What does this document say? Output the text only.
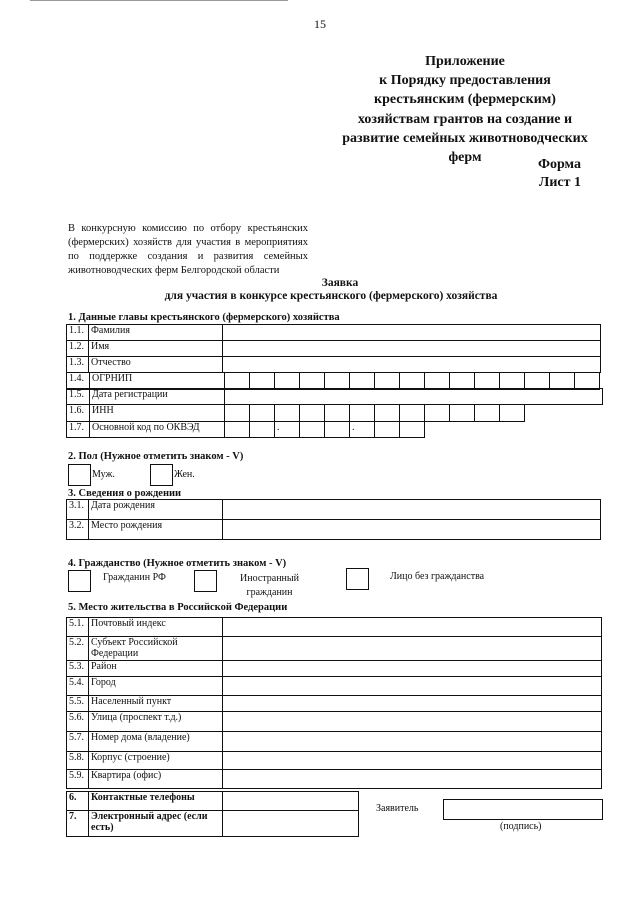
15
Приложение
к Порядку предоставления
крестьянским (фермерским)
хозяйствам грантов на создание и
развитие семейных животноводческих
ферм	Форма
Лист 1
В конкурсную комиссию по отбору крестьянских (фермерских) хозяйств для участия в мероприятиях по поддержке создания и развития семейных животноводческих ферм Белгородской области
Заявка
для участия в конкурсе крестьянского (фермерского) хозяйства
1. Данные главы крестьянского (фермерского) хозяйства
1.1.	Фамилия	
1.2.	Имя	
1.3.	Отчество	
1.4.	ОГРНИП															
1.5.	Дата регистрации	
1.6.	ИНН												
1.7.	Основной код по ОКВЭД			.			.		
2. Пол (Нужное отметить знаком - V)
Муж.	Жен.
3. Сведения о рождении
3.1.	Дата рождения	
3.2.	Место рождения	
4. Гражданство (Нужное отметить знаком - V)
Гражданин РФ	Иностранный
гражданин
Лицо без гражданства
5. Место жительства в Российской Федерации
5.1.	Почтовый индекс	
5.2.	Субъект Российской
Федерации	

5.3.	Район	
5.4.	Город	
5.5.	Населенный пункт	
5.6.	Улица (проспект т.д.)	
5.7.	Номер дома (владение)	
5.8.	Корпус (строение)	
5.9.	Квартира (офис)	
6.	Контактные телефоны	
7.	Электронный адрес (если
есть)	

Заявитель
(подпись)
